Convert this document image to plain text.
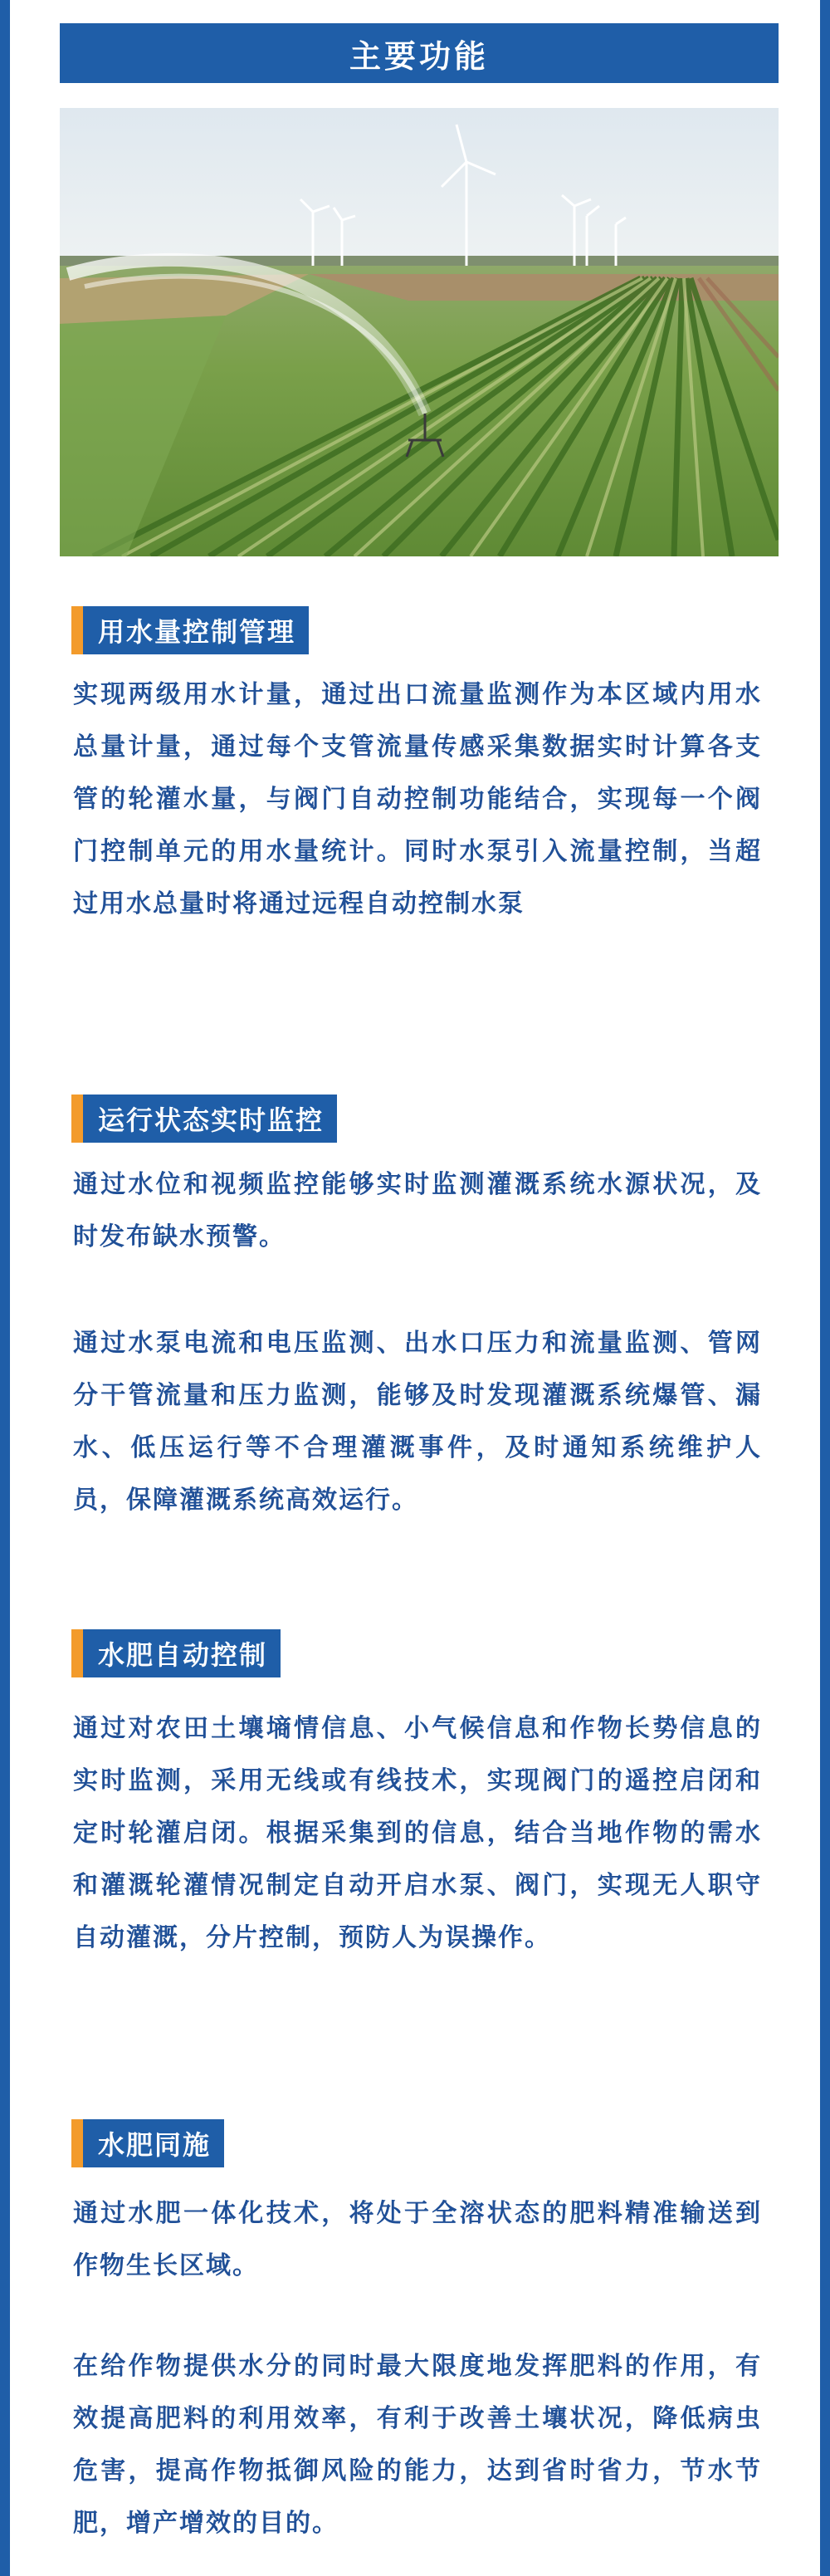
主要功能
用水量控制管理

实现两级用水计量，通过出口流量监测作为本区域内用水总量计量，通过每个支管流量传感采集数据实时计算各支管的轮灌水量，与阀门自动控制功能结合，实现每一个阀门控制单元的用水量统计。同时水泵引入流量控制，当超过用水总量时将通过远程自动控制水泵

运行状态实时监控

通过水位和视频监控能够实时监测灌溉系统水源状况，及时发布缺水预警。

通过水泵电流和电压监测、出水口压力和流量监测、管网分干管流量和压力监测，能够及时发现灌溉系统爆管、漏水、低压运行等不合理灌溉事件，及时通知系统维护人员，保障灌溉系统高效运行。

水肥自动控制

通过对农田土壤墒情信息、小气候信息和作物长势信息的实时监测，采用无线或有线技术，实现阀门的遥控启闭和定时轮灌启闭。根据采集到的信息，结合当地作物的需水和灌溉轮灌情况制定自动开启水泵、阀门，实现无人职守自动灌溉，分片控制，预防人为误操作。

水肥同施

通过水肥一体化技术，将处于全溶状态的肥料精准输送到作物生长区域。

在给作物提供水分的同时最大限度地发挥肥料的作用，有效提高肥料的利用效率，有利于改善土壤状况，降低病虫危害，提高作物抵御风险的能力，达到省时省力，节水节肥，增产增效的目的。
